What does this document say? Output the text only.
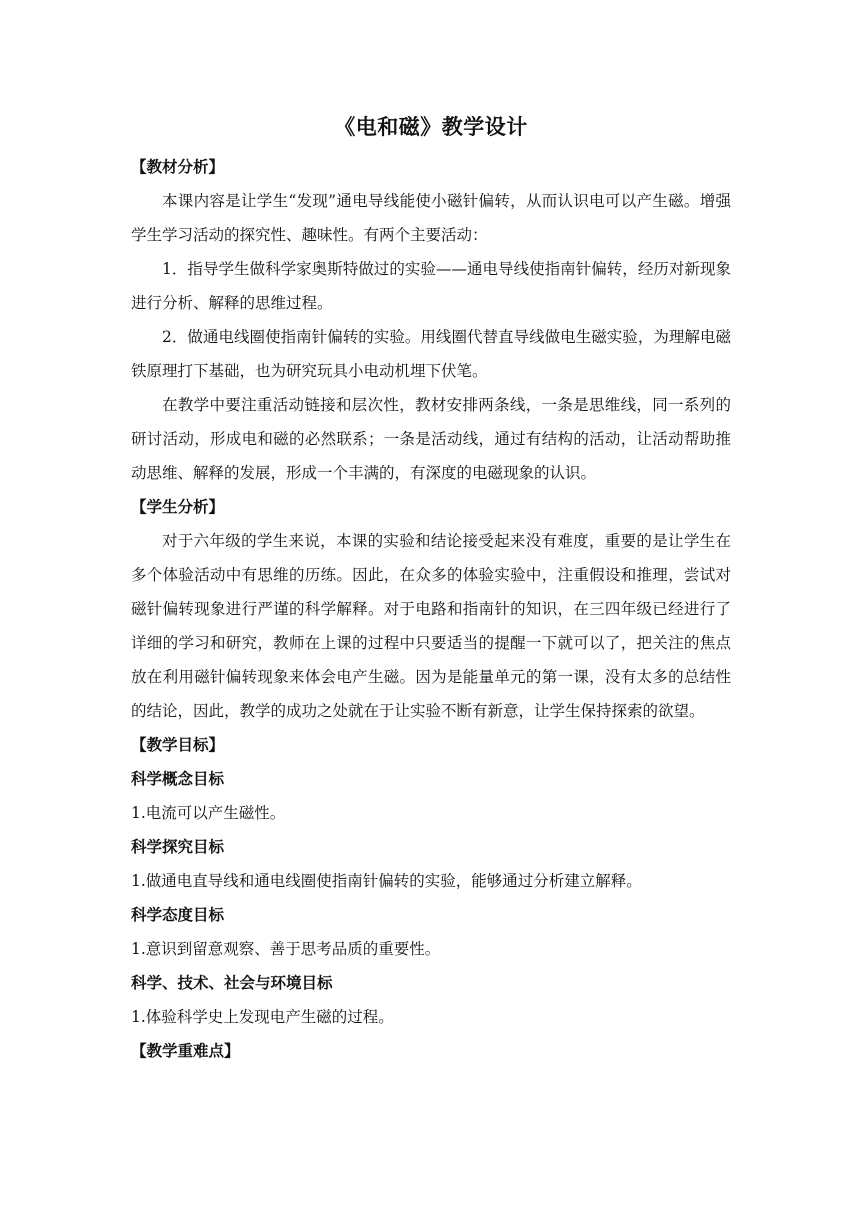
《电和磁》教学设计
【教材分析】

本课内容是让学生“发现”通电导线能使小磁针偏转，从而认识电可以产生磁。增强学生学习活动的探究性、趣味性。有两个主要活动：

1．指导学生做科学家奥斯特做过的实验——通电导线使指南针偏转，经历对新现象进行分析、解释的思维过程。

2．做通电线圈使指南针偏转的实验。用线圈代替直导线做电生磁实验，为理解电磁铁原理打下基础，也为研究玩具小电动机埋下伏笔。

在教学中要注重活动链接和层次性，教材安排两条线，一条是思维线，同一系列的研讨活动，形成电和磁的必然联系；一条是活动线，通过有结构的活动，让活动帮助推动思维、解释的发展，形成一个丰满的，有深度的电磁现象的认识。

【学生分析】

对于六年级的学生来说，本课的实验和结论接受起来没有难度，重要的是让学生在多个体验活动中有思维的历练。因此，在众多的体验实验中，注重假设和推理，尝试对磁针偏转现象进行严谨的科学解释。对于电路和指南针的知识，在三四年级已经进行了详细的学习和研究，教师在上课的过程中只要适当的提醒一下就可以了，把关注的焦点放在利用磁针偏转现象来体会电产生磁。因为是能量单元的第一课，没有太多的总结性的结论，因此，教学的成功之处就在于让实验不断有新意，让学生保持探索的欲望。

【教学目标】
科学概念目标

1.电流可以产生磁性。

科学探究目标

1.做通电直导线和通电线圈使指南针偏转的实验，能够通过分析建立解释。

科学态度目标

1.意识到留意观察、善于思考品质的重要性。

科学、技术、社会与环境目标

1.体验科学史上发现电产生磁的过程。

【教学重难点】
